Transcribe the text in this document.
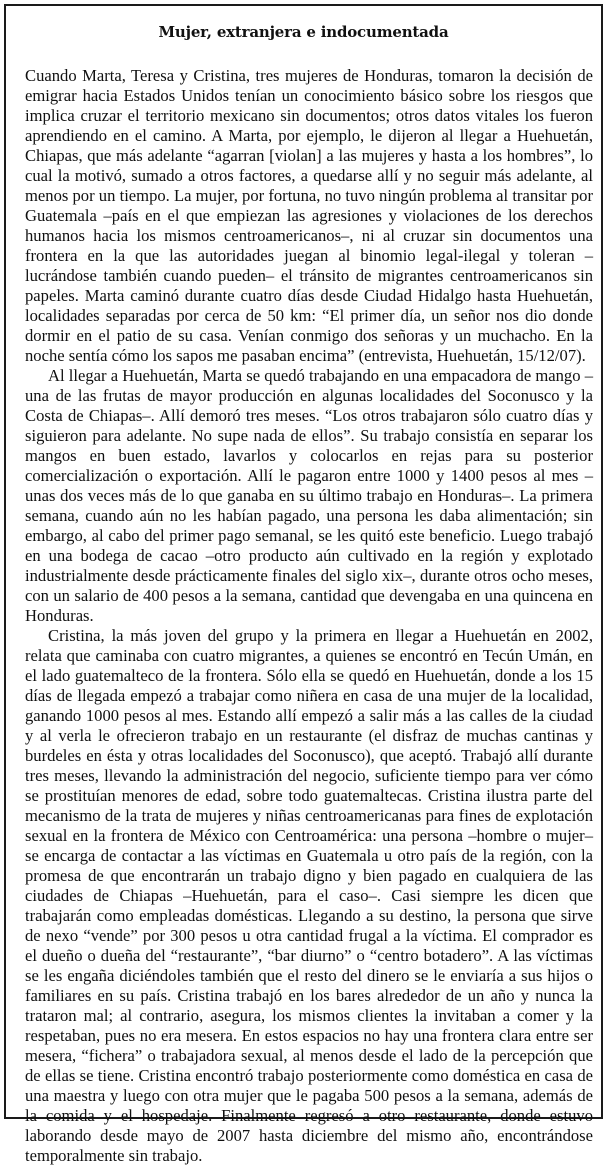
Mujer, extranjera e indocumentada

Cuando Marta, Teresa y Cristina, tres mujeres de Honduras, tomaron la decisión de emigrar hacia Estados Unidos tenían un conocimiento básico sobre los riesgos que implica cruzar el territorio mexicano sin documentos; otros datos vitales los fueron aprendiendo en el camino. A Marta, por ejemplo, le dijeron al llegar a Huehuetán, Chiapas, que más adelante “agarran [violan] a las mujeres y hasta a los hombres”, lo cual la motivó, sumado a otros factores, a quedarse allí y no seguir más adelante, al menos por un tiempo. La mujer, por fortuna, no tuvo ningún problema al transitar por Guatemala –país en el que empiezan las agresiones y violaciones de los derechos humanos hacia los mismos centroamericanos–, ni al cruzar sin documentos una frontera en la que las autoridades juegan al binomio legal-ilegal y toleran –lucrándose también cuando pueden– el tránsito de migrantes centroamericanos sin papeles. Marta caminó durante cuatro días desde Ciudad Hidalgo hasta Huehuetán, localidades separadas por cerca de 50 km: “El primer día, un señor nos dio donde dormir en el patio de su casa. Venían conmigo dos señoras y un muchacho. En la noche sentía cómo los sapos me pasaban encima” (entrevista, Huehuetán, 15/12/07).

Al llegar a Huehuetán, Marta se quedó trabajando en una empacadora de mango –una de las frutas de mayor producción en algunas localidades del Soconusco y la Costa de Chiapas–. Allí demoró tres meses. “Los otros trabajaron sólo cuatro días y siguieron para adelante. No supe nada de ellos”. Su trabajo consistía en separar los mangos en buen estado, lavarlos y colocarlos en rejas para su posterior comercialización o exportación. Allí le pagaron entre 1000 y 1400 pesos al mes –unas dos veces más de lo que ganaba en su último trabajo en Honduras–. La primera semana, cuando aún no les habían pagado, una persona les daba alimentación; sin embargo, al cabo del primer pago semanal, se les quitó este beneficio. Luego trabajó en una bodega de cacao –otro producto aún cultivado en la región y explotado industrialmente desde prácticamente finales del siglo xix–, durante otros ocho meses, con un salario de 400 pesos a la semana, cantidad que devengaba en una quincena en Honduras.

Cristina, la más joven del grupo y la primera en llegar a Huehuetán en 2002, relata que caminaba con cuatro migrantes, a quienes se encontró en Tecún Umán, en el lado guatemalteco de la frontera. Sólo ella se quedó en Huehuetán, donde a los 15 días de llegada empezó a trabajar como niñera en casa de una mujer de la localidad, ganando 1000 pesos al mes. Estando allí empezó a salir más a las calles de la ciudad y al verla le ofrecieron trabajo en un restaurante (el disfraz de muchas cantinas y burdeles en ésta y otras localidades del Soconusco), que aceptó. Trabajó allí durante tres meses, llevando la administración del negocio, suficiente tiempo para ver cómo se prostituían menores de edad, sobre todo guatemaltecas. Cristina ilustra parte del mecanismo de la trata de mujeres y niñas centroamericanas para fines de explotación sexual en la frontera de México con Centroamérica: una persona –hombre o mujer–se encarga de contactar a las víctimas en Guatemala u otro país de la región, con la promesa de que encontrarán un trabajo digno y bien pagado en cualquiera de las ciudades de Chiapas –Huehuetán, para el caso–. Casi siempre les dicen que trabajarán como empleadas domésticas. Llegando a su destino, la persona que sirve de nexo “vende” por 300 pesos u otra cantidad frugal a la víctima. El comprador es el dueño o dueña del “restaurante”, “bar diurno” o “centro botadero”. A las víctimas se les engaña diciéndoles también que el resto del dinero se le enviaría a sus hijos o familiares en su país. Cristina trabajó en los bares alrededor de un año y nunca la trataron mal; al contrario, asegura, los mismos clientes la invitaban a comer y la respetaban, pues no era mesera. En estos espacios no hay una frontera clara entre ser mesera, “fichera” o trabajadora sexual, al menos desde el lado de la percepción que de ellas se tiene. Cristina encontró trabajo posteriormente como doméstica en casa de una maestra y luego con otra mujer que le pagaba 500 pesos a la semana, además de la comida y el hospedaje. Finalmente regresó a otro restaurante, donde estuvo laborando desde mayo de 2007 hasta diciembre del mismo año, encontrándose temporalmente sin trabajo.
